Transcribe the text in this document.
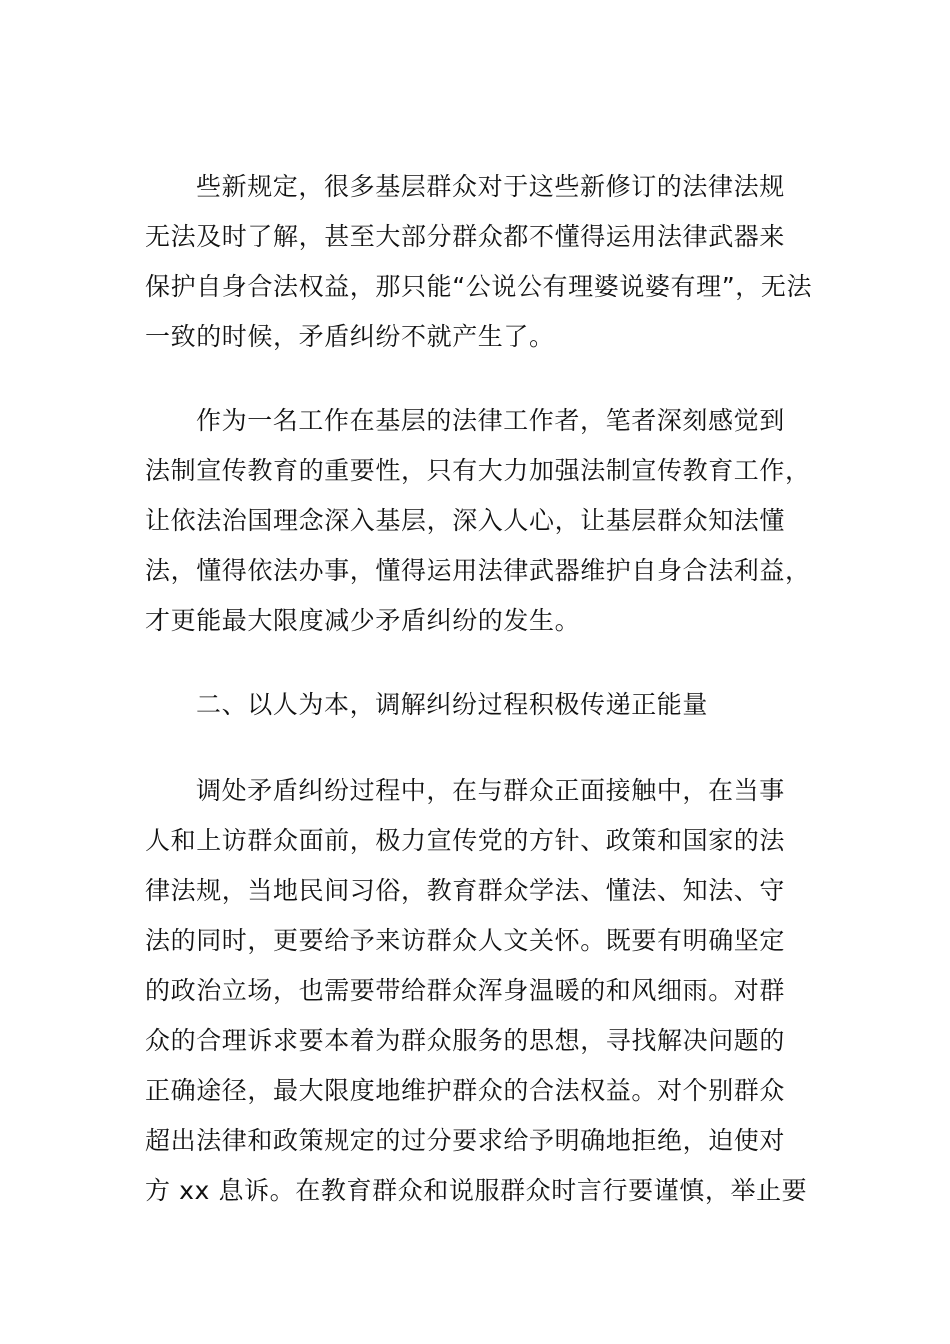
些新规定，很多基层群众对于这些新修订的法律法规
无法及时了解，甚至大部分群众都不懂得运用法律武器来
保护自身合法权益，那只能“公说公有理婆说婆有理”，无法
一致的时候，矛盾纠纷不就产生了。
作为一名工作在基层的法律工作者，笔者深刻感觉到
法制宣传教育的重要性，只有大力加强法制宣传教育工作，
让依法治国理念深入基层，深入人心，让基层群众知法懂
法，懂得依法办事，懂得运用法律武器维护自身合法利益，
才更能最大限度减少矛盾纠纷的发生。
二、以人为本，调解纠纷过程积极传递正能量
调处矛盾纠纷过程中，在与群众正面接触中，在当事
人和上访群众面前，极力宣传党的方针、政策和国家的法
律法规，当地民间习俗，教育群众学法、懂法、知法、守
法的同时，更要给予来访群众人文关怀。既要有明确坚定
的政治立场，也需要带给群众浑身温暖的和风细雨。对群
众的合理诉求要本着为群众服务的思想，寻找解决问题的
正确途径，最大限度地维护群众的合法权益。对个别群众
超出法律和政策规定的过分要求给予明确地拒绝，迫使对
方 xx 息诉。在教育群众和说服群众时言行要谨慎，举止要
